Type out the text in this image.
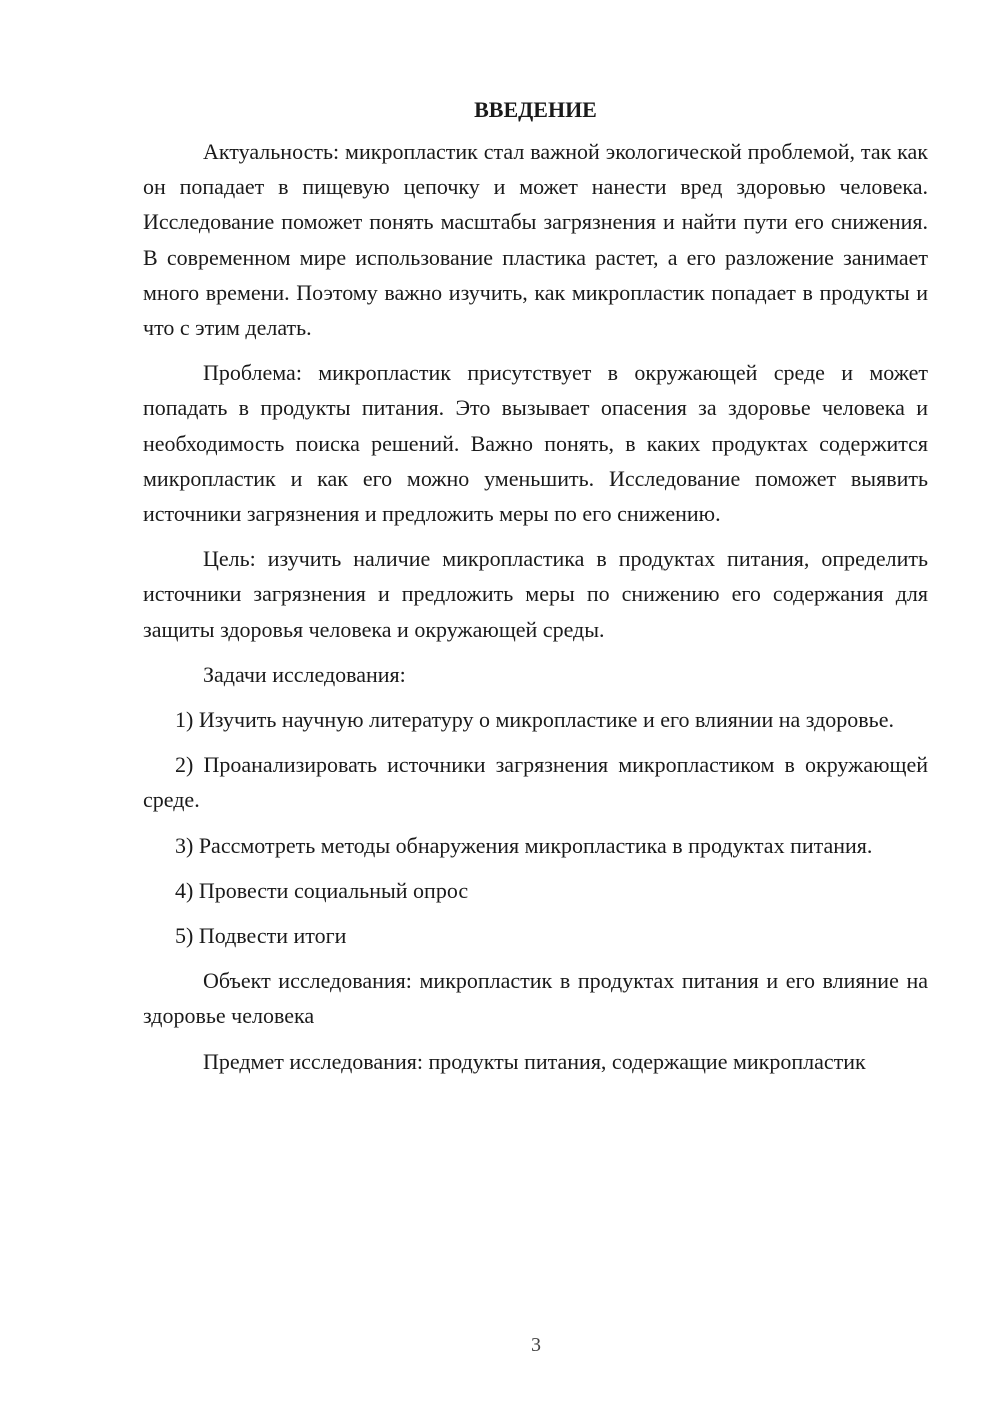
ВВЕДЕНИЕ

Актуальность: микропластик стал важной экологической проблемой, так как он попадает в пищевую цепочку и может нанести вред здоровью человека. Исследование поможет понять масштабы загрязнения и найти пути его снижения. В современном мире использование пластика растет, а его разложение занимает много времени. Поэтому важно изучить, как микропластик попадает в продукты и что с этим делать.

Проблема: микропластик присутствует в окружающей среде и может попадать в продукты питания. Это вызывает опасения за здоровье человека и необходимость поиска решений. Важно понять, в каких продуктах содержится микропластик и как его можно уменьшить. Исследование поможет выявить источники загрязнения и предложить меры по его снижению.

Цель: изучить наличие микропластика в продуктах питания, определить источники загрязнения и предложить меры по снижению его содержания для защиты здоровья человека и окружающей среды.

Задачи исследования:

1) Изучить научную литературу о микропластике и его влиянии на здоровье.

2) Проанализировать источники загрязнения микропластиком в окружающей среде.

3) Рассмотреть методы обнаружения микропластика в продуктах питания.

4) Провести социальный опрос

5) Подвести итоги

Объект исследования: микропластик в продуктах питания и его влияние на здоровье человека

Предмет исследования: продукты питания, содержащие микропластик

3
